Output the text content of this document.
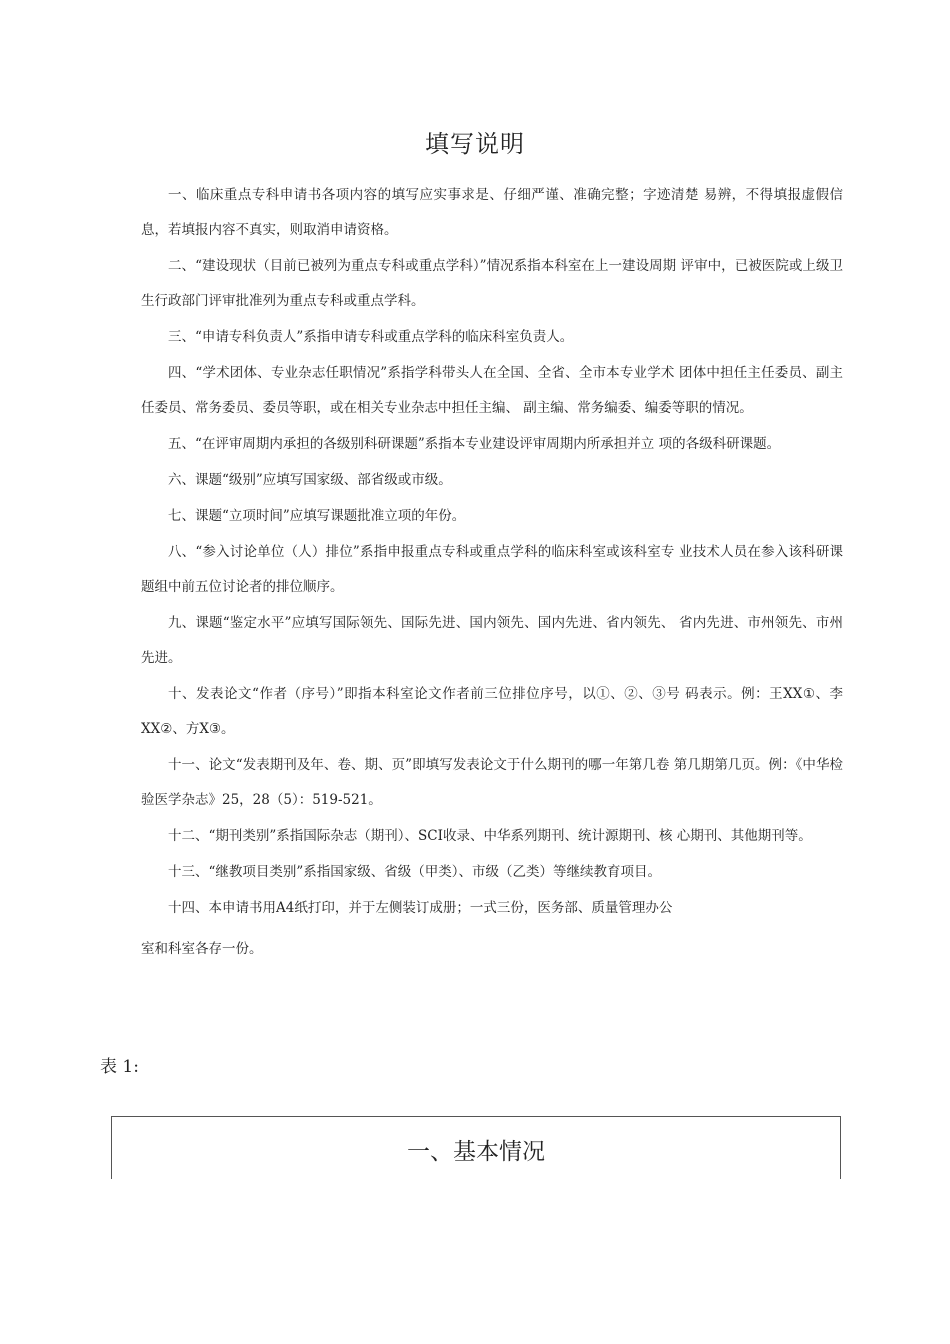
填写说明

一、临床重点专科申请书各项内容的填写应实事求是、仔细严谨、准确完整；字迹清楚 易辨，不得填报虚假信息，若填报内容不真实，则取消申请资格。

二、“建设现状（目前已被列为重点专科或重点学科）”情况系指本科室在上一建设周期 评审中，已被医院或上级卫生行政部门评审批准列为重点专科或重点学科。

三、“申请专科负责人”系指申请专科或重点学科的临床科室负责人。

四、“学术团体、专业杂志任职情况”系指学科带头人在全国、全省、全市本专业学术 团体中担任主任委员、副主任委员、常务委员、委员等职，或在相关专业杂志中担任主编、 副主编、常务编委、编委等职的情况。

五、“在评审周期内承担的各级别科研课题”系指本专业建设评审周期内所承担并立 项的各级科研课题。

六、课题“级别”应填写国家级、部省级或市级。

七、课题“立项时间”应填写课题批准立项的年份。

八、“参入讨论单位（人）排位”系指申报重点专科或重点学科的临床科室或该科室专 业技术人员在参入该科研课题组中前五位讨论者的排位顺序。

九、课题“鉴定水平”应填写国际领先、国际先进、国内领先、国内先进、省内领先、 省内先进、市州领先、市州先进。

十、发表论文“作者（序号）”即指本科室论文作者前三位排位序号，以①、②、③号 码表示。例：王XX①、李XX②、方X③。

十一、论文“发表期刊及年、卷、期、页”即填写发表论文于什么期刊的哪一年第几卷 第几期第几页。例：《中华检验医学杂志》25，28（5）：519-521。

十二、“期刊类别”系指国际杂志（期刊）、SCI收录、中华系列期刊、统计源期刊、核 心期刊、其他期刊等。

十三、“继教项目类别”系指国家级、省级（甲类）、市级（乙类）等继续教育项目。

十四、本申请书用A4纸打印，并于左侧装订成册；一式三份，医务部、质量管理办公

室和科室各存一份。

表 1:
一、基本情况
